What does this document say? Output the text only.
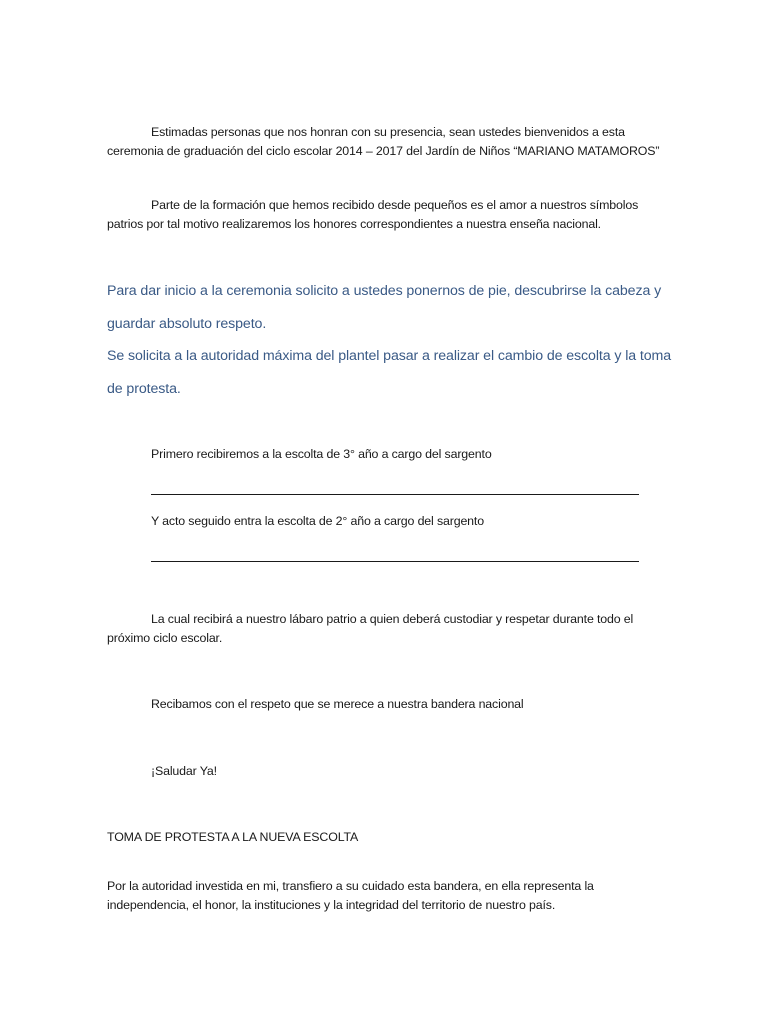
Estimadas personas que nos honran con su presencia, sean ustedes bienvenidos a esta ceremonia de graduación del ciclo escolar 2014 – 2017 del Jardín de Niños “MARIANO MATAMOROS”

Parte de la formación que hemos recibido desde pequeños es el amor a nuestros símbolos patrios por tal motivo realizaremos los honores correspondientes a nuestra enseña nacional.

Para dar inicio a la ceremonia solicito a ustedes ponernos de pie, descubrirse la cabeza y guardar absoluto respeto.

Se solicita a la autoridad máxima del plantel pasar a realizar el cambio de escolta y la toma de protesta.

Primero recibiremos a la escolta de 3° año a cargo del sargento

Y acto seguido entra la escolta de 2° año a cargo del sargento

La cual recibirá a nuestro lábaro patrio a quien deberá custodiar y respetar durante todo el próximo ciclo escolar.

Recibamos con el respeto que se merece a nuestra bandera nacional

¡Saludar Ya!

TOMA DE PROTESTA A LA NUEVA ESCOLTA

Por la autoridad investida en mi, transfiero a su cuidado esta bandera, en ella representa la independencia, el honor, la instituciones y la integridad del territorio de nuestro país.
